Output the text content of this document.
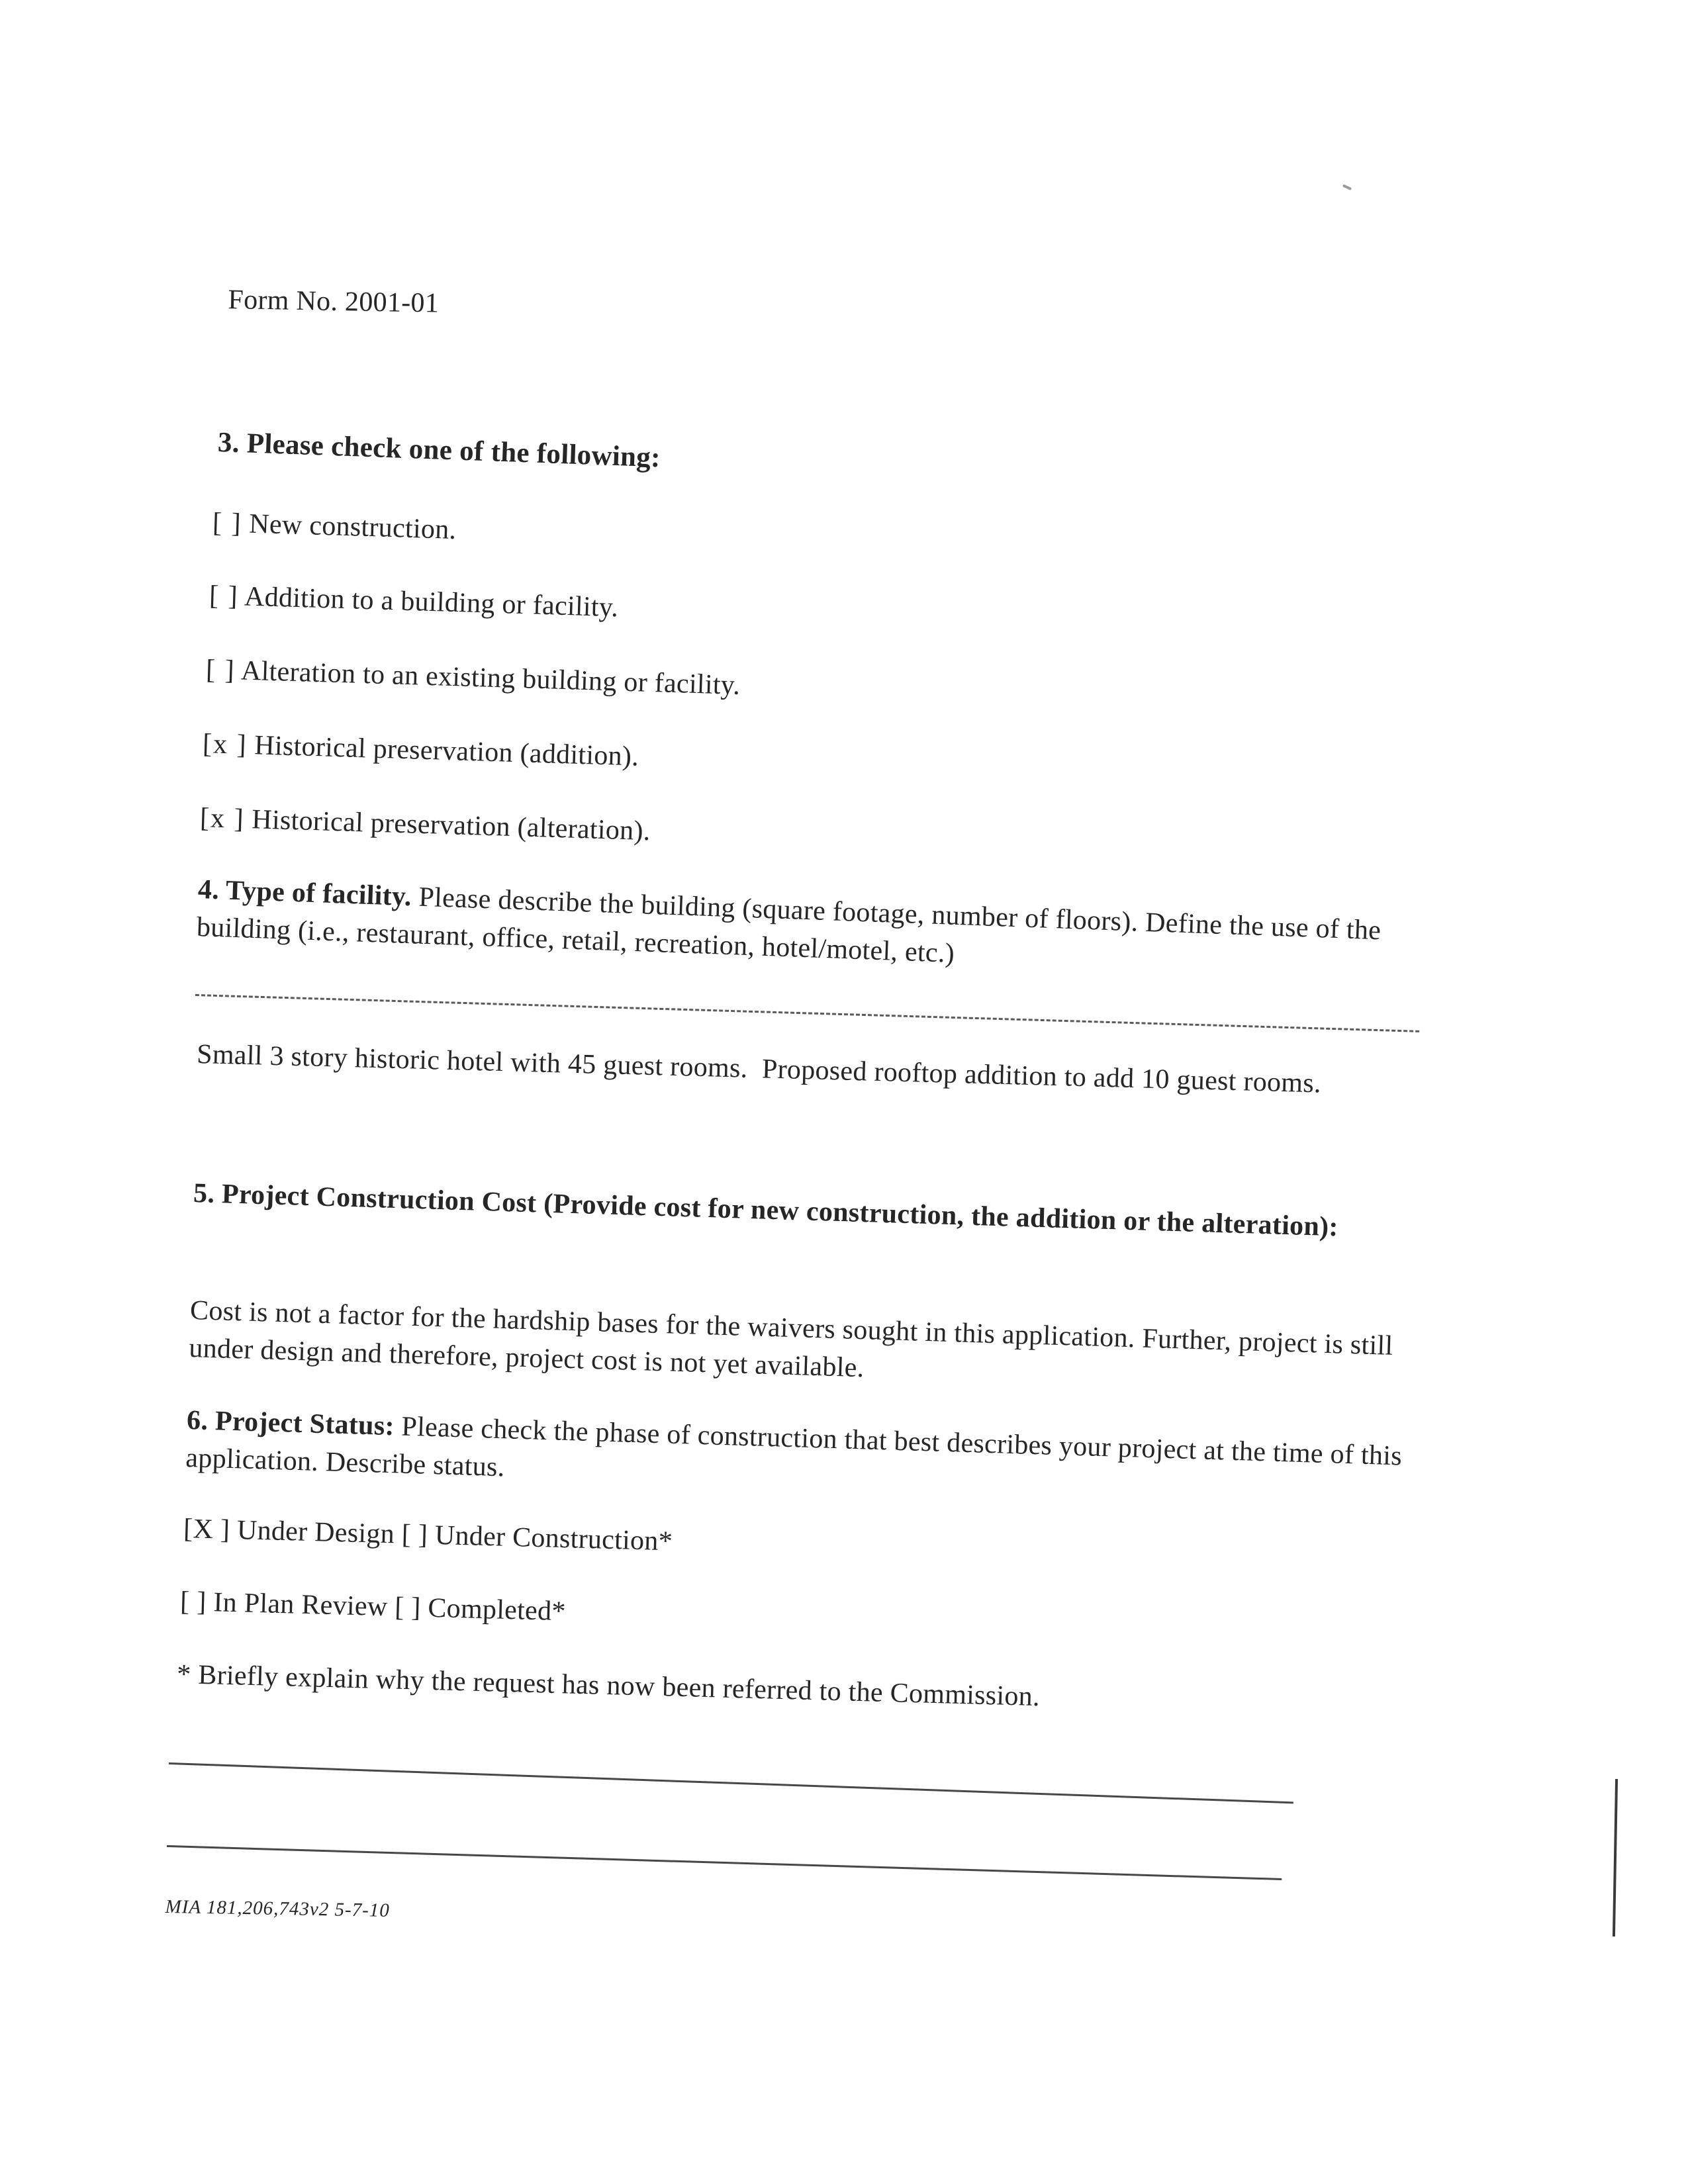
Form No. 2001-01
3. Please check one of the following:
[ ] New construction.
[ ] Addition to a building or facility.
[ ] Alteration to an existing building or facility.
[x ] Historical preservation (addition).
[x ] Historical preservation (alteration).
4. Type of facility. Please describe the building (square footage, number of floors). Define the use of the building (i.e., restaurant, office, retail, recreation, hotel/motel, etc.)
Small 3 story historic hotel with 45 guest rooms.  Proposed rooftop addition to add 10 guest rooms.
5. Project Construction Cost (Provide cost for new construction, the addition or the alteration):
Cost is not a factor for the hardship bases for the waivers sought in this application. Further, project is still under design and therefore, project cost is not yet available.
6. Project Status: Please check the phase of construction that best describes your project at the time of this application. Describe status.
[X ] Under Design [ ] Under Construction*
[ ] In Plan Review [ ] Completed*
* Briefly explain why the request has now been referred to the Commission.
MIA 181,206,743v2 5-7-10
